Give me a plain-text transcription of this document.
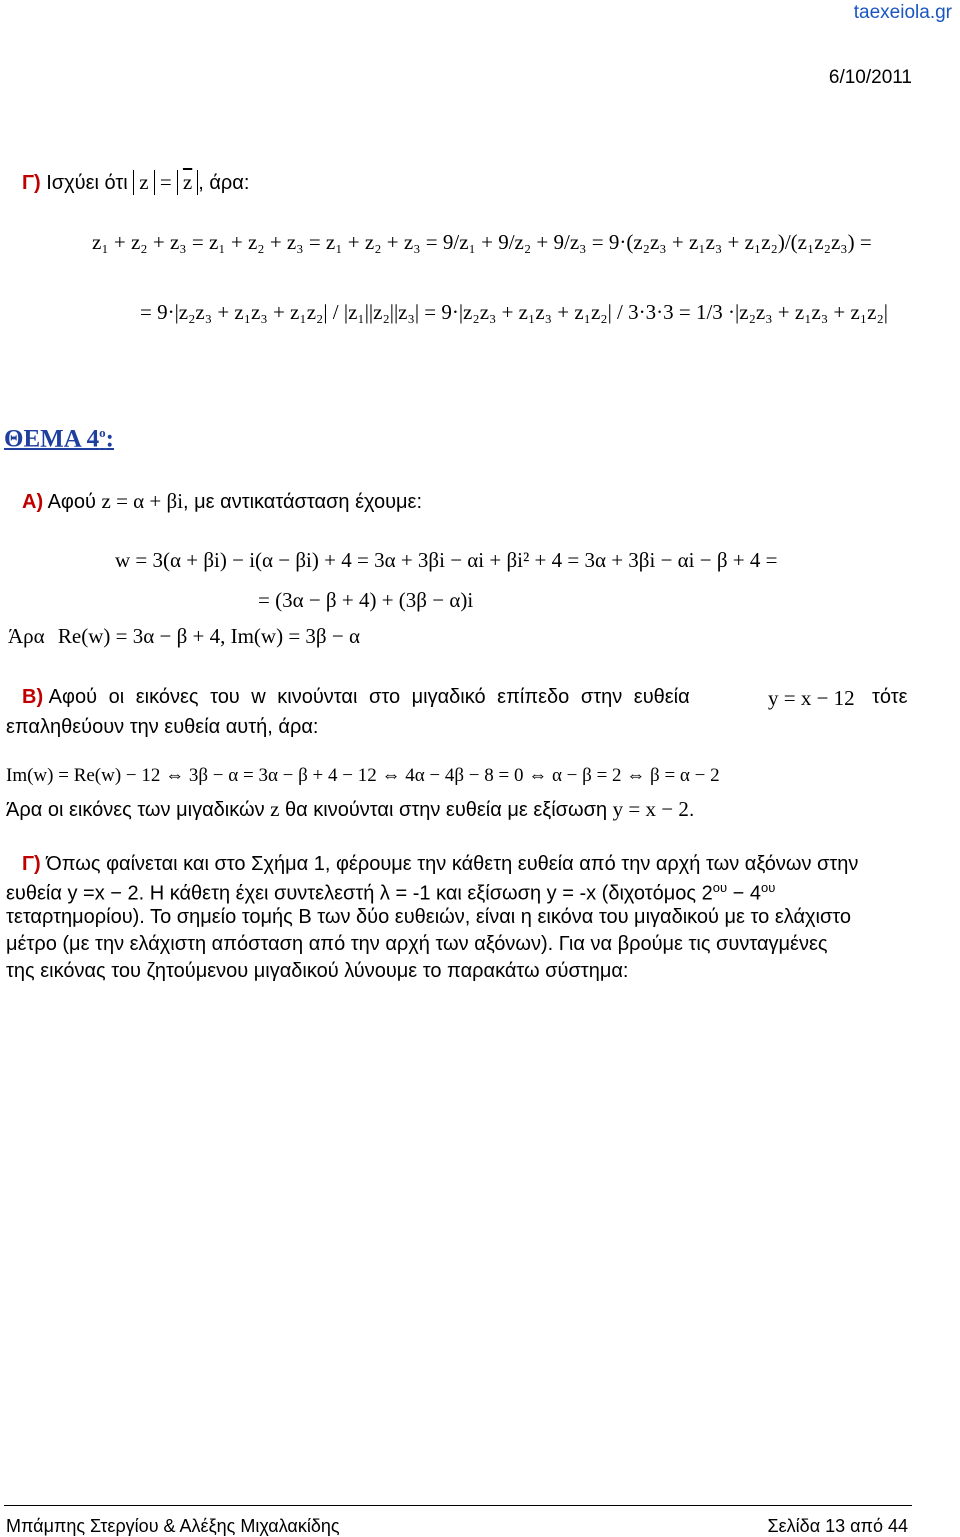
taexeiola.gr
6/10/2011
Γ) Ισχύει ότι $z = \overline{z}$ , άρα:
z₁ + z₂ + z₃ = z₁ + z₂ + z₃ = z₁ + z₂ + z₃ = 9/z₁ + 9/z₂ + 9/z₃ = 9·(z₂z₃ + z₁z₃ + z₁z₂)/(z₁z₂z₃) =
= 9·|z₂z₃ + z₁z₃ + z₁z₂| / |z₁||z₂||z₃| = 9·|z₂z₃ + z₁z₃ + z₁z₂| / 3·3·3 = 1/3 ·|z₂z₃ + z₁z₃ + z₁z₂|
ΘΕΜΑ $4^o$:
Α) Αφού z = α + βi, με αντικατάσταση έχουμε:
w = 3(α + βi) − i(α − βi) + 4 = 3α + 3βi − αi + βi² + 4 = 3α + 3βi − αi − β + 4 =
= (3α − β + 4) + (3β − α)i
Άρα Re(w) = 3α − β + 4, Im(w) = 3β − α
Β) Αφού οι εικόνες του w κινούνται στο μιγαδικό επίπεδο στην ευθεία	y = x − 12 τότε
επαληθεύουν την ευθεία αυτή, άρα:
Im(w) = Re(w) − 12 ⇔ 3β − α = 3α − β + 4 − 12 ⇔ 4α − 4β − 8 = 0 ⇔ α − β = 2 ⇔ β = α − 2
Άρα οι εικόνες των μιγαδικών z θα κινούνται στην ευθεία με εξίσωση y = x − 2.
Γ) Όπως φαίνεται και στο Σχήμα 1, φέρουμε την κάθετη ευθεία από την αρχή των αξόνων στην
ευθεία y =x − 2. Η κάθετη έχει συντελεστή λ = -1 και εξίσωση y = -x (διχοτόμος $2^{o\upsilon} - 4^{o\upsilon}$
τεταρτημορίου). Το σημείο τομής Β των δύο ευθειών, είναι η εικόνα του μιγαδικού με το ελάχιστο
μέτρο (με την ελάχιστη απόσταση από την αρχή των αξόνων). Για να βρούμε τις συνταγμένες
της εικόνας του ζητούμενου μιγαδικού λύνουμε το παρακάτω σύστημα:
Μπάμπης Στεργίου & Αλέξης Μιχαλακίδης	Σελίδα 13 από 44
